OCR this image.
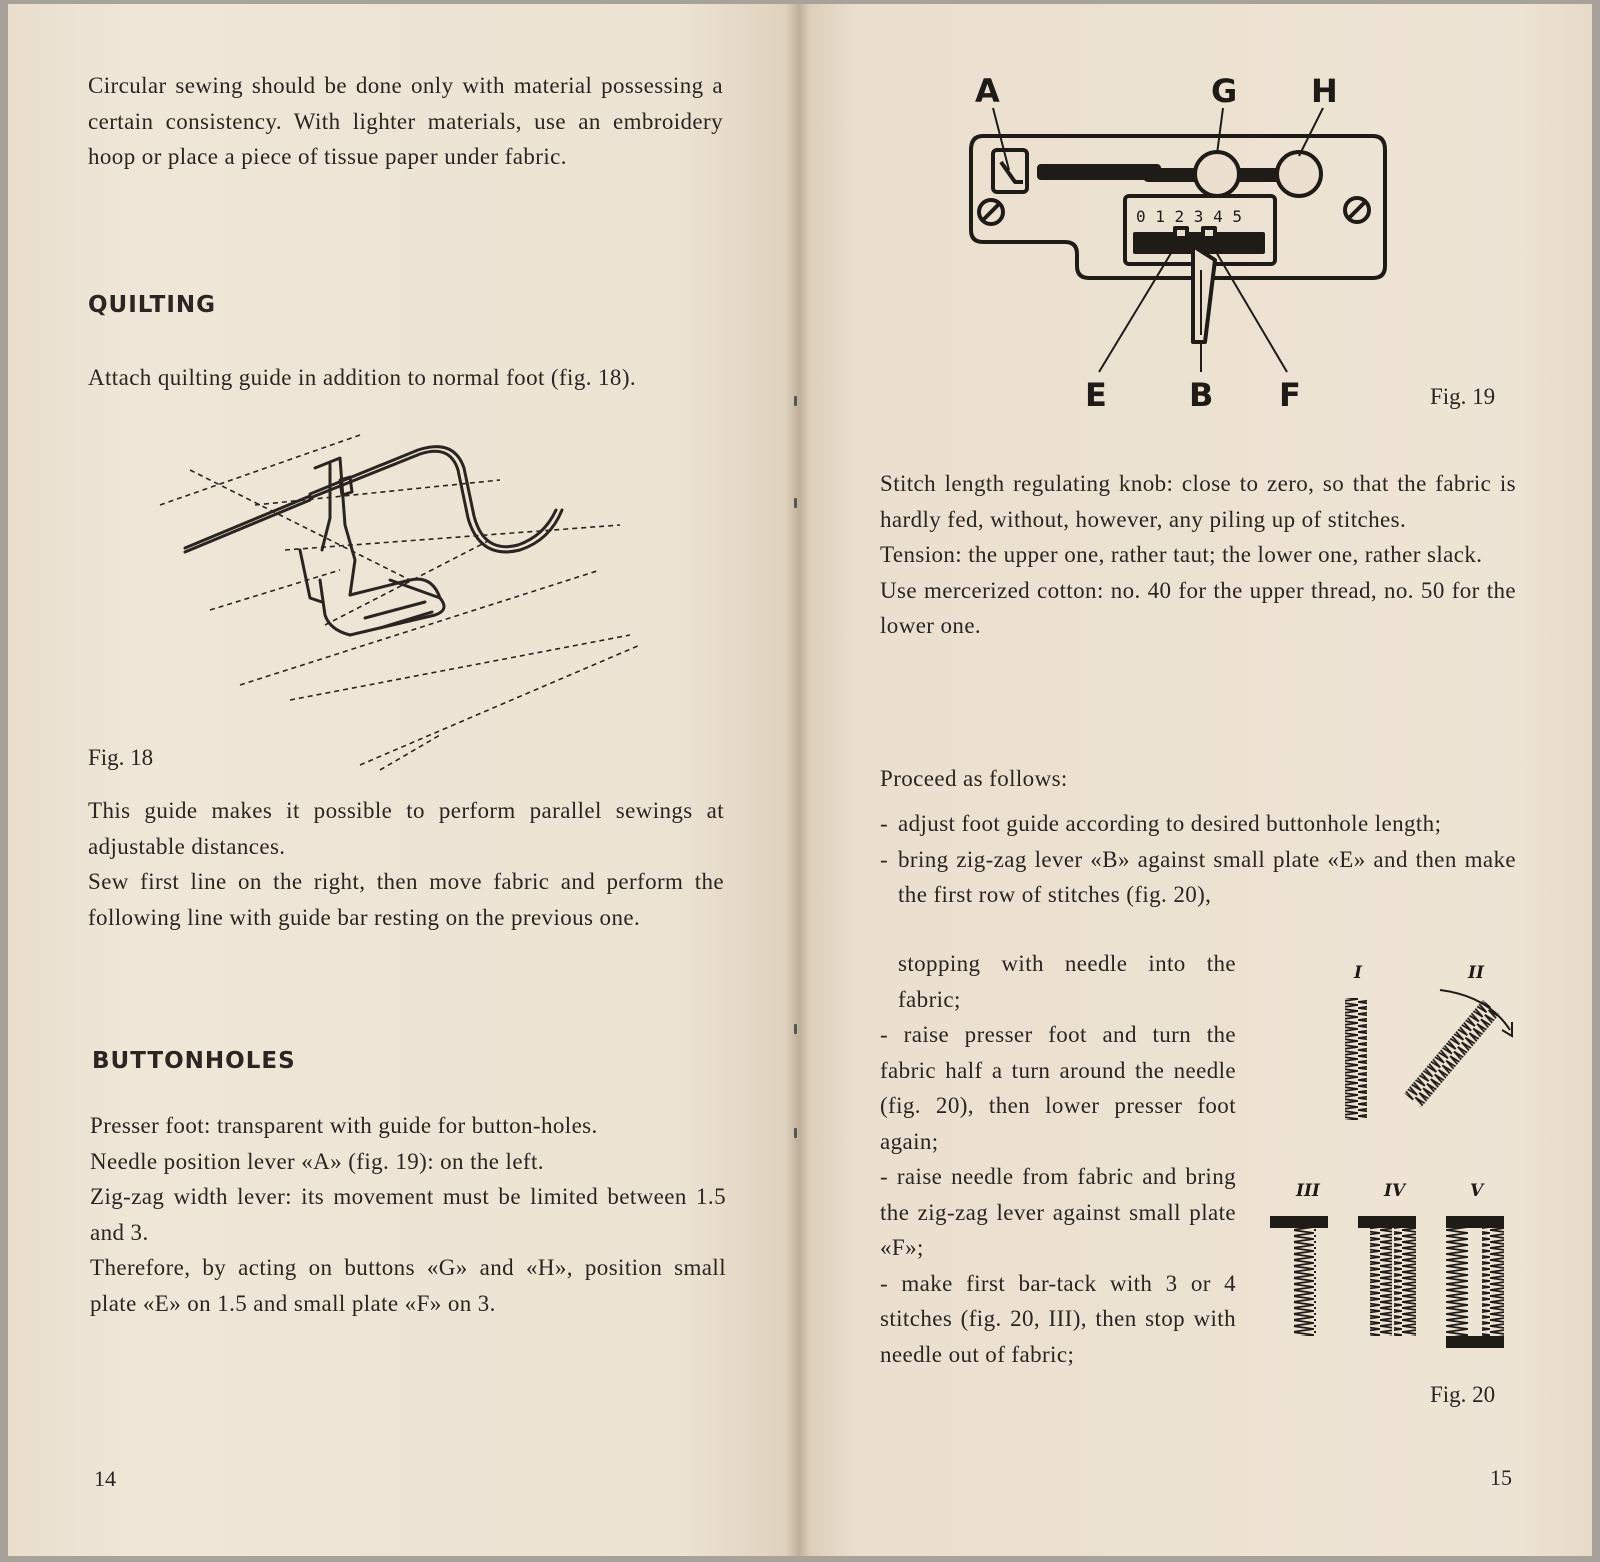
Circular sewing should be done only with material possessing a certain consistency. With lighter materials, use an embroidery hoop or place a piece of tissue paper under fabric.

QUILTING

Attach quilting guide in addition to normal foot (fig. 18).

Fig. 18
This guide makes it possible to perform parallel sewings at adjustable distances.
Sew first line on the right, then move fabric and perform the following line with guide bar resting on the previous one.
BUTTONHOLES
Presser foot: transparent with guide for button-holes.
Needle position lever «A» (fig. 19): on the left.
Zig-zag width lever: its movement must be limited between 1.5 and 3.
Therefore, by acting on buttons «G» and «H», position small plate «E» on 1.5 and small plate «F» on 3.
14
0 1 2 3 4 5
A	G H
E	B F	Fig. 19
Stitch length regulating knob: close to zero, so that the fabric is hardly fed, without, however, any piling up of stitches.
Tension: the upper one, rather taut; the lower one, rather slack.
Use mercerized cotton: no. 40 for the upper thread, no. 50 for the lower one.
Proceed as follows:
- adjust foot guide according to desired buttonhole length;
- bring zig-zag lever «B» against small plate «E» and then make the first row of stitches (fig. 20),
stopping with needle into the fabric;
- raise presser foot and turn the fabric half a turn around the needle (fig. 20), then lower presser foot again;
- raise needle from fabric and bring the zig-zag lever against small plate «F»;
- make first bar-tack with 3 or 4 stitches (fig. 20, III), then stop with needle out of fabric;
I	II
III	IV	V
Fig. 20
15
